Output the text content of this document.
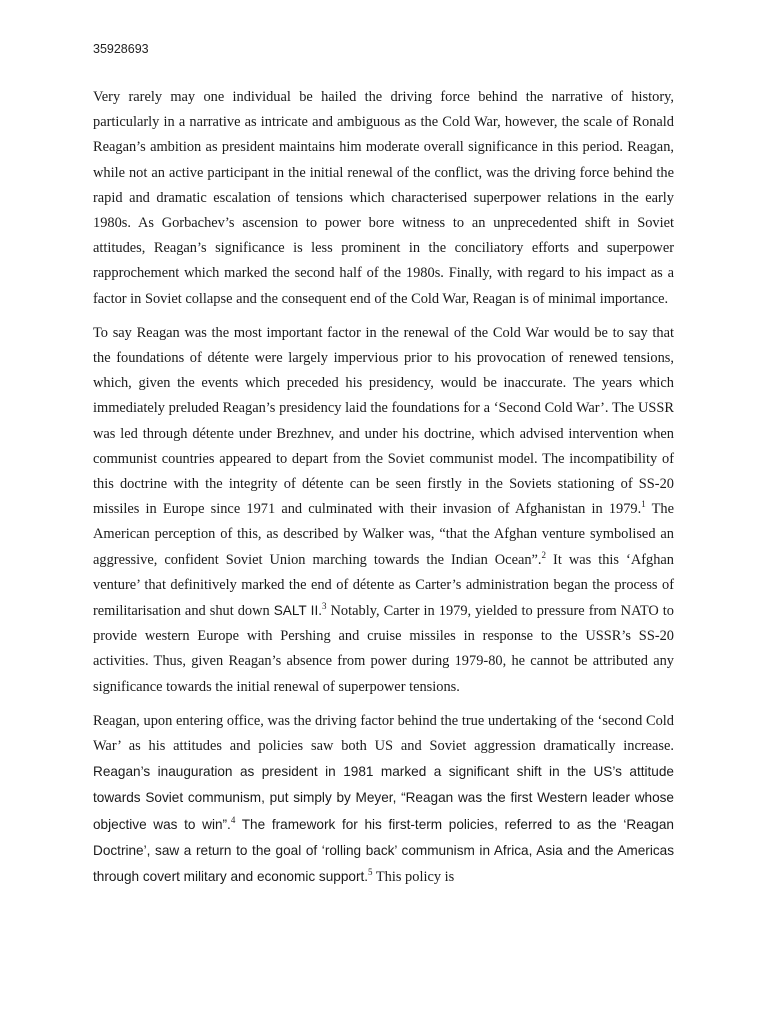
35928693

Very rarely may one individual be hailed the driving force behind the narrative of history, particularly in a narrative as intricate and ambiguous as the Cold War, however, the scale of Ronald Reagan’s ambition as president maintains him moderate overall significance in this period. Reagan, while not an active participant in the initial renewal of the conflict, was the driving force behind the rapid and dramatic escalation of tensions which characterised superpower relations in the early 1980s. As Gorbachev’s ascension to power bore witness to an unprecedented shift in Soviet attitudes, Reagan’s significance is less prominent in the conciliatory efforts and superpower rapprochement which marked the second half of the 1980s. Finally, with regard to his impact as a factor in Soviet collapse and the consequent end of the Cold War, Reagan is of minimal importance.

To say Reagan was the most important factor in the renewal of the Cold War would be to say that the foundations of détente were largely impervious prior to his provocation of renewed tensions, which, given the events which preceded his presidency, would be inaccurate. The years which immediately preluded Reagan’s presidency laid the foundations for a ‘Second Cold War’. The USSR was led through détente under Brezhnev, and under his doctrine, which advised intervention when communist countries appeared to depart from the Soviet communist model. The incompatibility of this doctrine with the integrity of détente can be seen firstly in the Soviets stationing of SS-20 missiles in Europe since 1971 and culminated with their invasion of Afghanistan in 1979.$^1$ The American perception of this, as described by Walker was, “that the Afghan venture symbolised an aggressive, confident Soviet Union marching towards the Indian Ocean”.$^2$ It was this ‘Afghan venture’ that definitively marked the end of détente as Carter’s administration began the process of remilitarisation and shut down SALT II.$^3$ Notably, Carter in 1979, yielded to pressure from NATO to provide western Europe with Pershing and cruise missiles in response to the USSR’s SS-20 activities. Thus, given Reagan’s absence from power during 1979-80, he cannot be attributed any significance towards the initial renewal of superpower tensions.

Reagan, upon entering office, was the driving factor behind the true undertaking of the ‘second Cold War’ as his attitudes and policies saw both US and Soviet aggression dramatically increase. Reagan’s inauguration as president in 1981 marked a significant shift in the US’s attitude towards Soviet communism, put simply by Meyer, “Reagan was the first Western leader whose objective was to win”.$^4$ The framework for his first-term policies, referred to as the ‘Reagan Doctrine’, saw a return to the goal of ‘rolling back’ communism in Africa, Asia and the Americas through covert military and economic support.$^5$ This policy is
